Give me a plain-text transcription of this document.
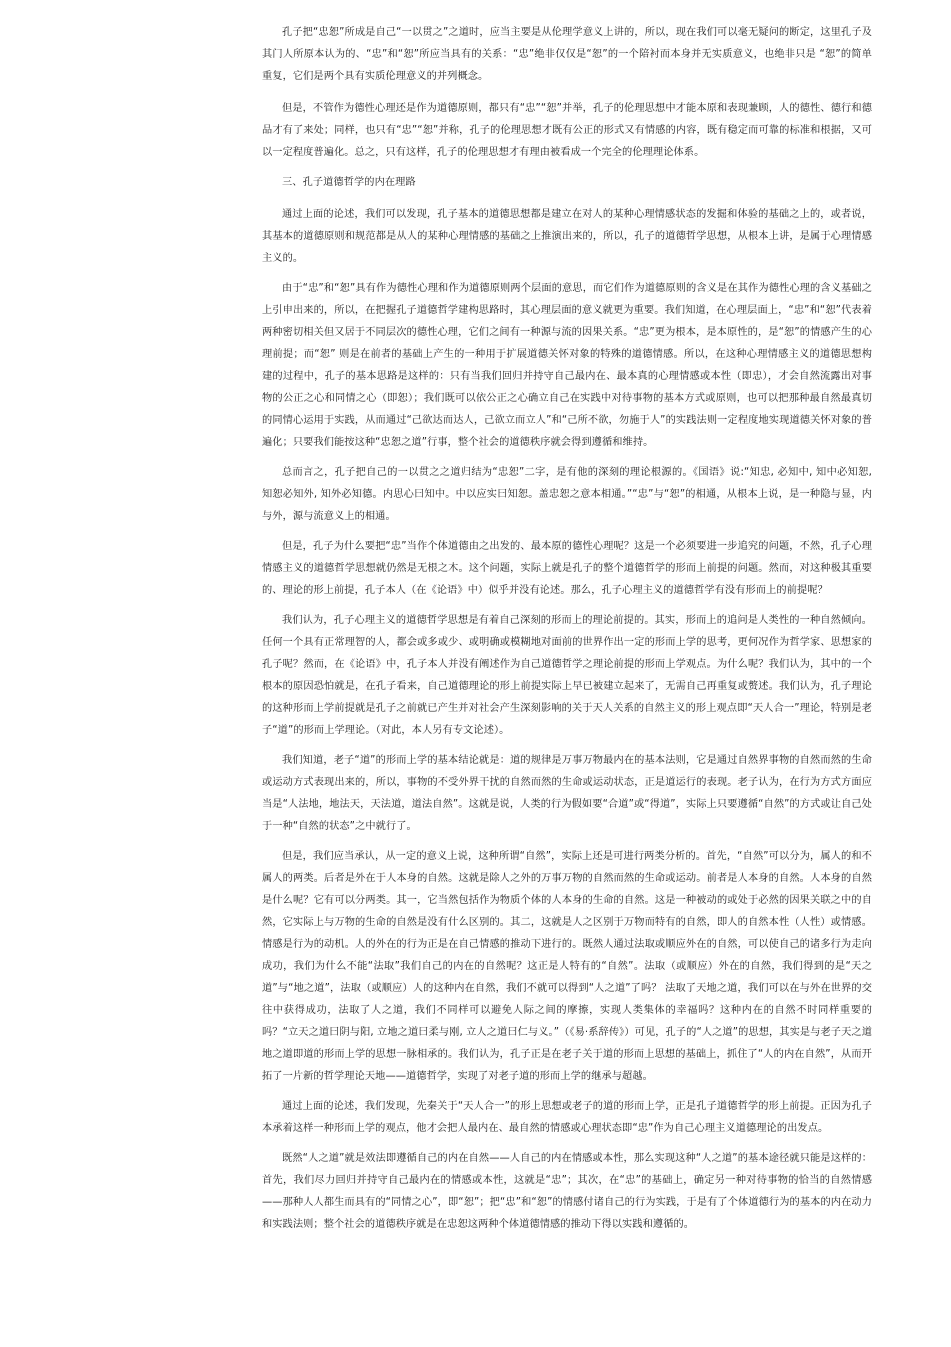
孔子把“忠恕”所成是自己“一以贯之”之道时，应当主要是从伦理学意义上讲的，所以，现在我们可以毫无疑问的断定，这里孔子及其门人所原本认为的、“忠”和“恕”所应当具有的关系：“忠”绝非仅仅是“恕”的一个陪衬而本身并无实质意义，也绝非只是 “恕”的简单重复，它们是两个具有实质伦理意义的并列概念。

但是，不管作为德性心理还是作为道德原则，都只有“忠”“恕”并举，孔子的伦理思想中才能本原和表现兼顾，人的德性、德行和德品才有了来处；同样，也只有“忠”“恕”并称，孔子的伦理思想才既有公正的形式又有情感的内容，既有稳定而可靠的标准和根据，又可以一定程度普遍化。总之，只有这样，孔子的伦理思想才有理由被看成一个完全的伦理理论体系。

三、孔子道德哲学的内在理路

通过上面的论述，我们可以发现，孔子基本的道德思想都是建立在对人的某种心理情感状态的发掘和体验的基础之上的，或者说，其基本的道德原则和规范都是从人的某种心理情感的基础之上推演出来的，所以，孔子的道德哲学思想，从根本上讲，是属于心理情感主义的。

由于“忠”和“恕”具有作为德性心理和作为道德原则两个层面的意思，而它们作为道德原则的含义是在其作为德性心理的含义基础之上引申出来的，所以，在把握孔子道德哲学建构思路时，其心理层面的意义就更为重要。我们知道，在心理层面上，“忠”和“恕”代表着两种密切相关但又居于不同层次的德性心理，它们之间有一种源与流的因果关系。“忠”更为根本，是本原性的，是“恕”的情感产生的心理前提；而“恕” 则是在前者的基础上产生的一种用于扩展道德关怀对象的特殊的道德情感。所以，在这种心理情感主义的道德思想构建的过程中，孔子的基本思路是这样的：只有当我们回归并持守自己最内在、最本真的心理情感或本性（即忠），才会自然流露出对事物的公正之心和同情之心（即恕）；我们既可以依公正之心确立自己在实践中对待事物的基本方式或原则，也可以把那种最自然最真切的同情心运用于实践，从而通过“己欲达而达人，己欲立而立人”和“己所不欲，勿施于人”的实践法则一定程度地实现道德关怀对象的普遍化；只要我们能按这种“忠恕之道”行事，整个社会的道德秩序就会得到遵循和维持。

总而言之，孔子把自己的一以贯之之道归结为“忠恕”二字，是有他的深刻的理论根源的。《国语》说:“知忠, 必知中, 知中必知恕, 知恕必知外, 知外必知德。内思心曰知中。中以应实曰知恕。盖忠恕之意本相通。”“忠”与“恕”的相通，从根本上说，是一种隐与显，内与外，源与流意义上的相通。

但是，孔子为什么要把“忠”当作个体道德由之出发的、最本原的德性心理呢？这是一个必须要进一步追究的问题，不然，孔子心理情感主义的道德哲学思想就仍然是无根之木。这个问题，实际上就是孔子的整个道德哲学的形而上前提的问题。然而，对这种极其重要的、理论的形上前提，孔子本人（在《论语》中）似乎并没有论述。那么，孔子心理主义的道德哲学有没有形而上的前提呢？

我们认为，孔子心理主义的道德哲学思想是有着自己深刻的形而上的理论前提的。其实，形而上的追问是人类性的一种自然倾向。任何一个具有正常理智的人，都会或多或少、或明确或模糊地对面前的世界作出一定的形而上学的思考，更何况作为哲学家、思想家的孔子呢？然而，在《论语》中，孔子本人并没有阐述作为自己道德哲学之理论前提的形而上学观点。为什么呢？我们认为，其中的一个根本的原因恐怕就是，在孔子看来，自己道德理论的形上前提实际上早已被建立起来了，无需自己再重复或赘述。我们认为，孔子理论的这种形而上学前提就是孔子之前就已产生并对社会产生深刻影响的关于天人关系的自然主义的形上观点即“天人合一”理论，特别是老子“道”的形而上学理论。（对此，本人另有专文论述）。

我们知道，老子“道”的形而上学的基本结论就是：道的规律是万事万物最内在的基本法则，它是通过自然界事物的自然而然的生命或运动方式表现出来的，所以，事物的不受外界干扰的自然而然的生命或运动状态，正是道运行的表现。老子认为，在行为方式方面应当是“人法地，地法天，天法道，道法自然”。这就是说，人类的行为假如要“合道”或“得道”，实际上只要遵循“自然”的方式或让自己处于一种“自然的状态”之中就行了。

但是，我们应当承认，从一定的意义上说，这种所谓“自然”，实际上还是可进行两类分析的。首先，“自然”可以分为，属人的和不属人的两类。后者是外在于人本身的自然。这就是除人之外的万事万物的自然而然的生命或运动。前者是人本身的自然。人本身的自然是什么呢？它有可以分两类。其一，它当然包括作为物质个体的人本身的生命的自然。这是一种被动的或处于必然的因果关联之中的自然，它实际上与万物的生命的自然是没有什么区别的。其二，这就是人之区别于万物而特有的自然，即人的自然本性（人性）或情感。情感是行为的动机。人的外在的行为正是在自己情感的推动下进行的。既然人通过法取或顺应外在的自然，可以使自己的诸多行为走向成功，我们为什么不能“法取”我们自己的内在的自然呢？这正是人特有的“自然”。法取（或顺应）外在的自然，我们得到的是“天之道”与“地之道”，法取（或顺应）人的这种内在自然，我们不就可以得到“人之道”了吗？ 法取了天地之道，我们可以在与外在世界的交往中获得成功，法取了人之道，我们不同样可以避免人际之间的摩擦，实现人类集体的幸福吗？这种内在的自然不时同样重要的吗？“立天之道曰阴与阳, 立地之道曰柔与刚, 立人之道曰仁与义。”（《易·系辞传》）可见，孔子的“人之道”的思想，其实是与老子天之道地之道即道的形而上学的思想一脉相承的。我们认为，孔子正是在老子关于道的形而上思想的基础上，抓住了“人的内在自然”，从而开拓了一片新的哲学理论天地——道德哲学，实现了对老子道的形而上学的继承与超越。

通过上面的论述，我们发现，先秦关于“天人合一”的形上思想或老子的道的形而上学，正是孔子道德哲学的形上前提。正因为孔子本承着这样一种形而上学的观点，他才会把人最内在、最自然的情感或心理状态即“忠”作为自己心理主义道德理论的出发点。

既然“人之道”就是效法即遵循自己的内在自然——人自己的内在情感或本性，那么实现这种“人之道”的基本途径就只能是这样的：首先，我们尽力回归并持守自己最内在的情感或本性，这就是“忠”；其次，在“忠”的基础上，确定另一种对待事物的恰当的自然情感——那种人人都生而具有的“同情之心”，即“恕”；把“忠”和“恕”的情感付诸自己的行为实践，于是有了个体道德行为的基本的内在动力和实践法则；整个社会的道德秩序就是在忠恕这两种个体道德情感的推动下得以实践和遵循的。
